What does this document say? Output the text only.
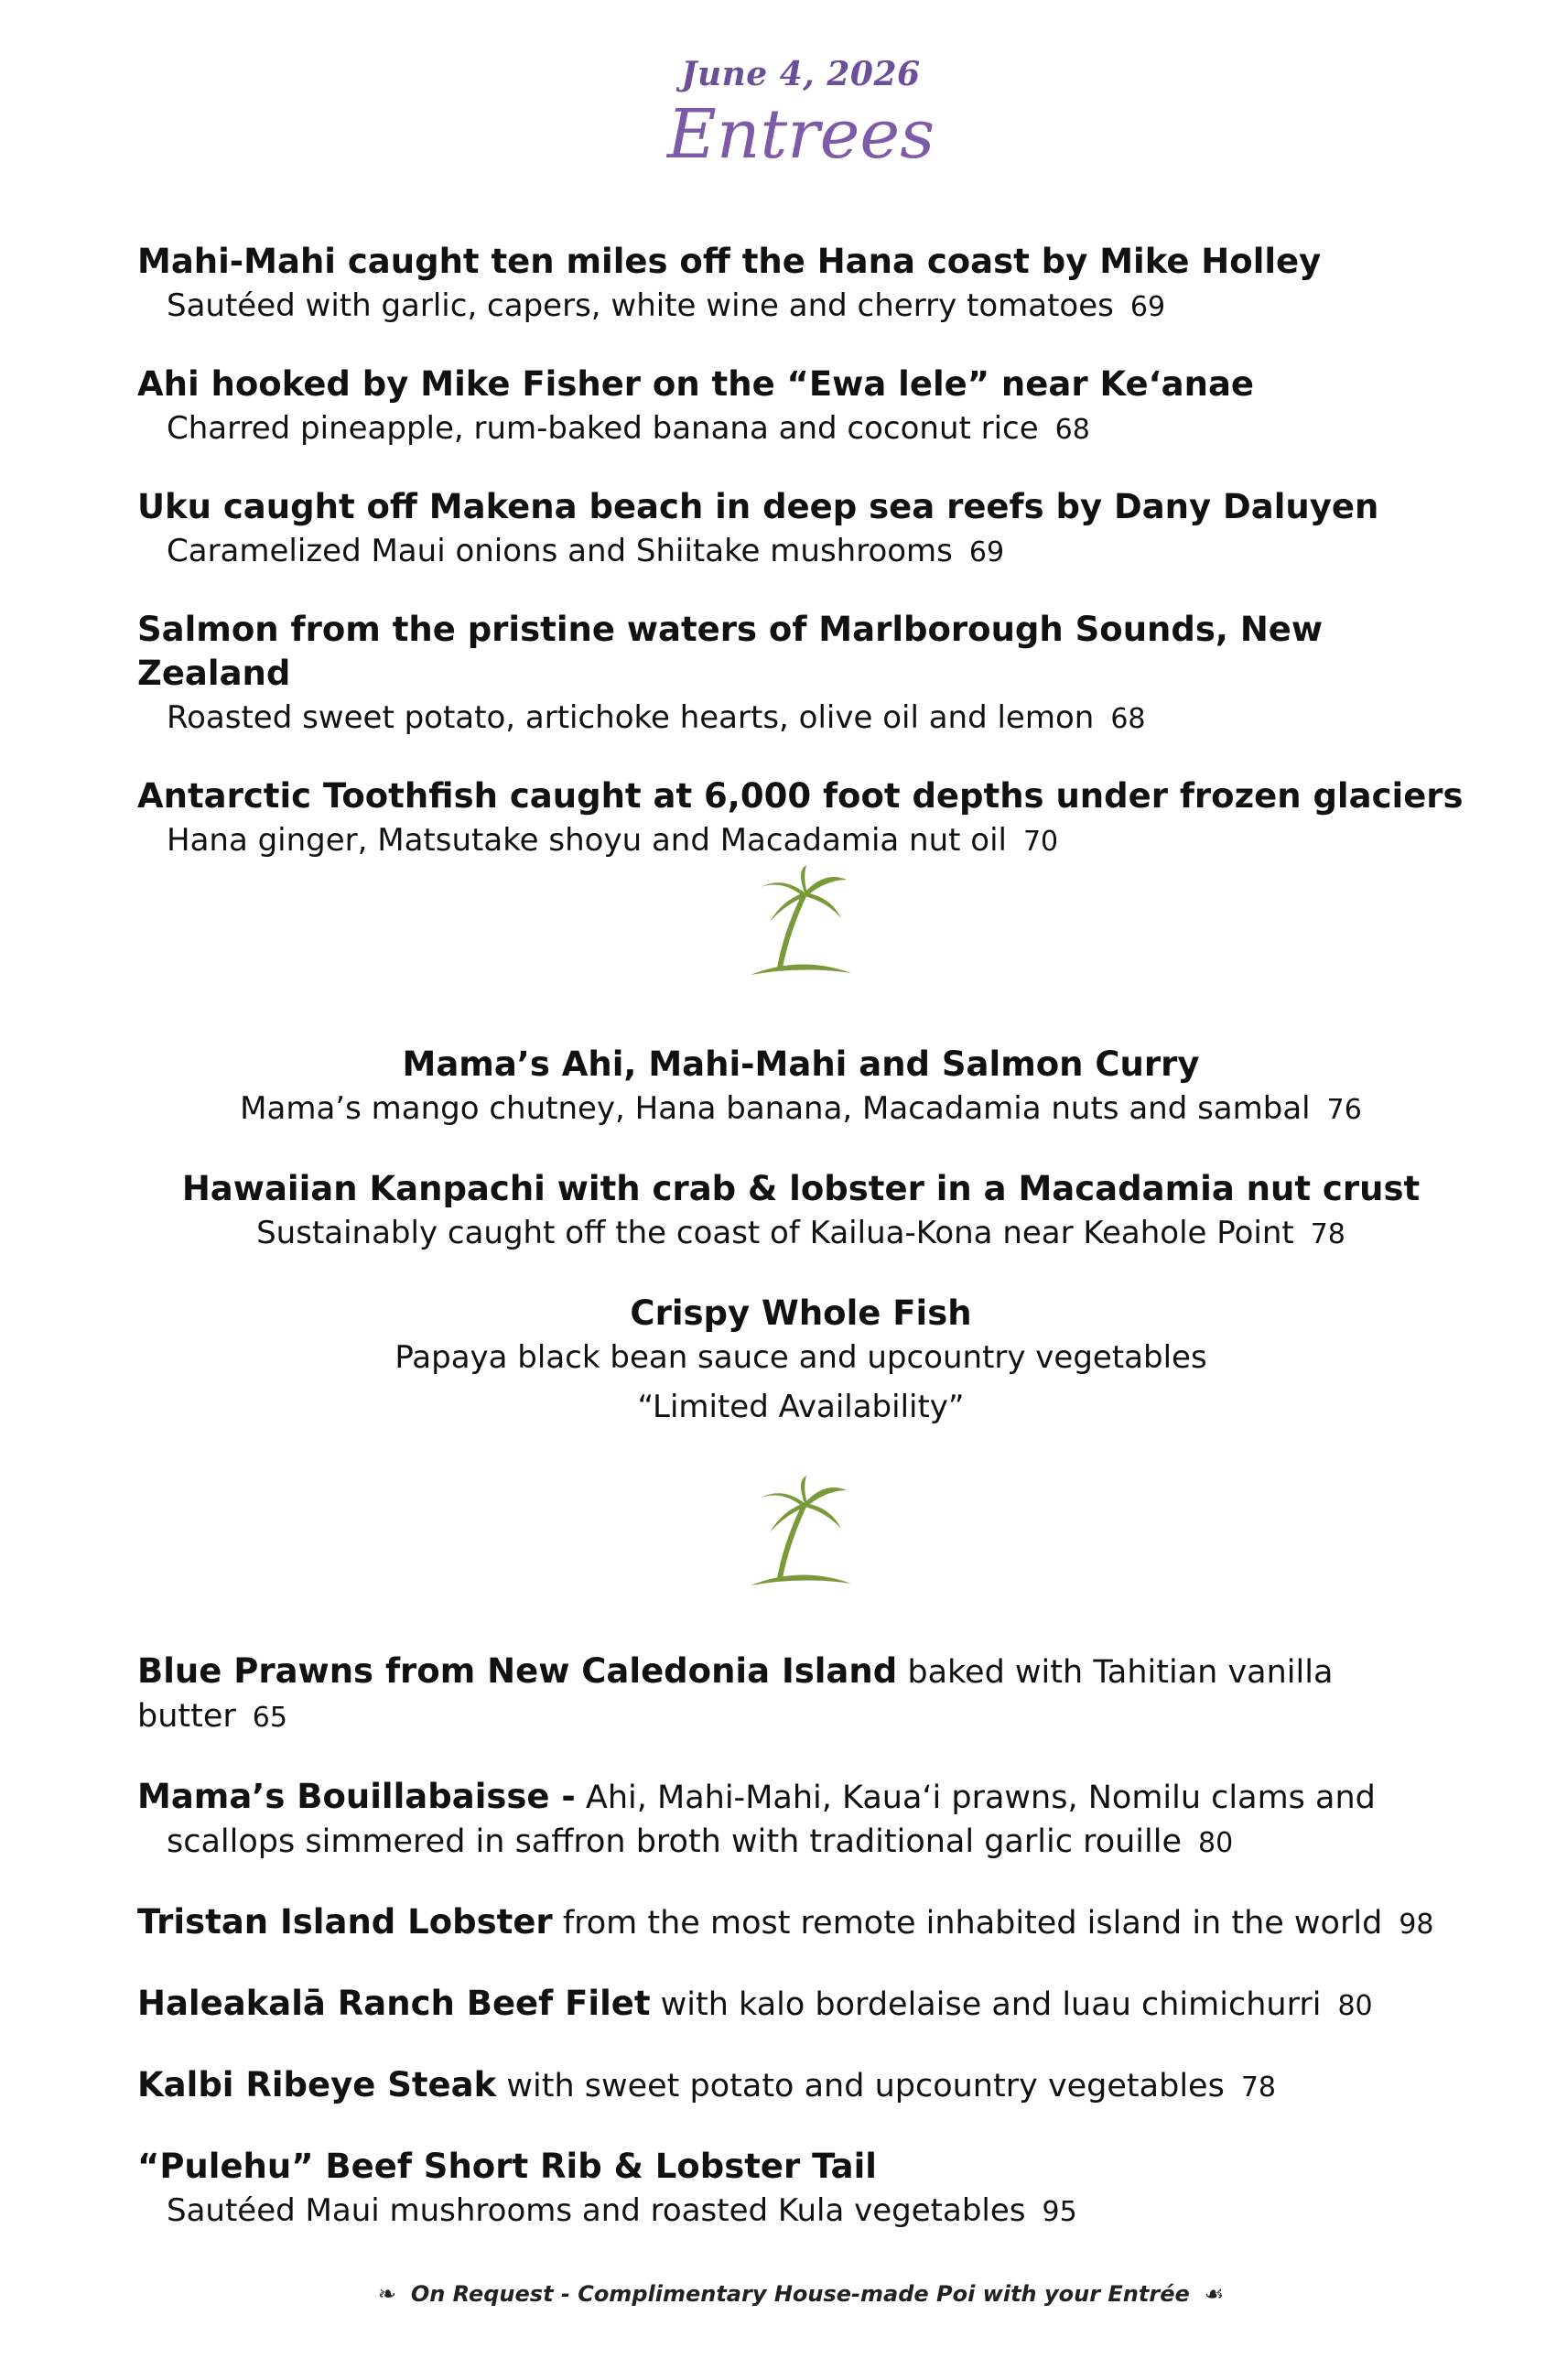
June 4, 2026
Entrees
Mahi-Mahi caught ten miles off the Hana coast by Mike Holley
Sautéed with garlic, capers, white wine and cherry tomatoes 69
Ahi hooked by Mike Fisher on the “Ewa lele” near Ke‘anae
Charred pineapple, rum-baked banana and coconut rice 68
Uku caught off Makena beach in deep sea reefs by Dany Daluyen
Caramelized Maui onions and Shiitake mushrooms 69
Salmon from the pristine waters of Marlborough Sounds, New Zealand
Roasted sweet potato, artichoke hearts, olive oil and lemon 68
Antarctic Toothfish caught at 6,000 foot depths under frozen glaciers
Hana ginger, Matsutake shoyu and Macadamia nut oil 70
Mama’s Ahi, Mahi-Mahi and Salmon Curry
Mama’s mango chutney, Hana banana, Macadamia nuts and sambal 76
Hawaiian Kanpachi with crab & lobster in a Macadamia nut crust
Sustainably caught off the coast of Kailua-Kona near Keahole Point 78
Crispy Whole Fish
Papaya black bean sauce and upcountry vegetables
“Limited Availability”
Blue Prawns from New Caledonia Island baked with Tahitian vanilla butter 65
Mama’s Bouillabaisse - Ahi, Mahi-Mahi, Kaua‘i prawns, Nomilu clams and
scallops simmered in saffron broth with traditional garlic rouille 80
Tristan Island Lobster from the most remote inhabited island in the world 98
Haleakalā Ranch Beef Filet with kalo bordelaise and luau chimichurri 80
Kalbi Ribeye Steak with sweet potato and upcountry vegetables 78
“Pulehu” Beef Short Rib & Lobster Tail
Sautéed Maui mushrooms and roasted Kula vegetables 95
❧ On Request - Complimentary House-made Poi with your Entrée ☙
